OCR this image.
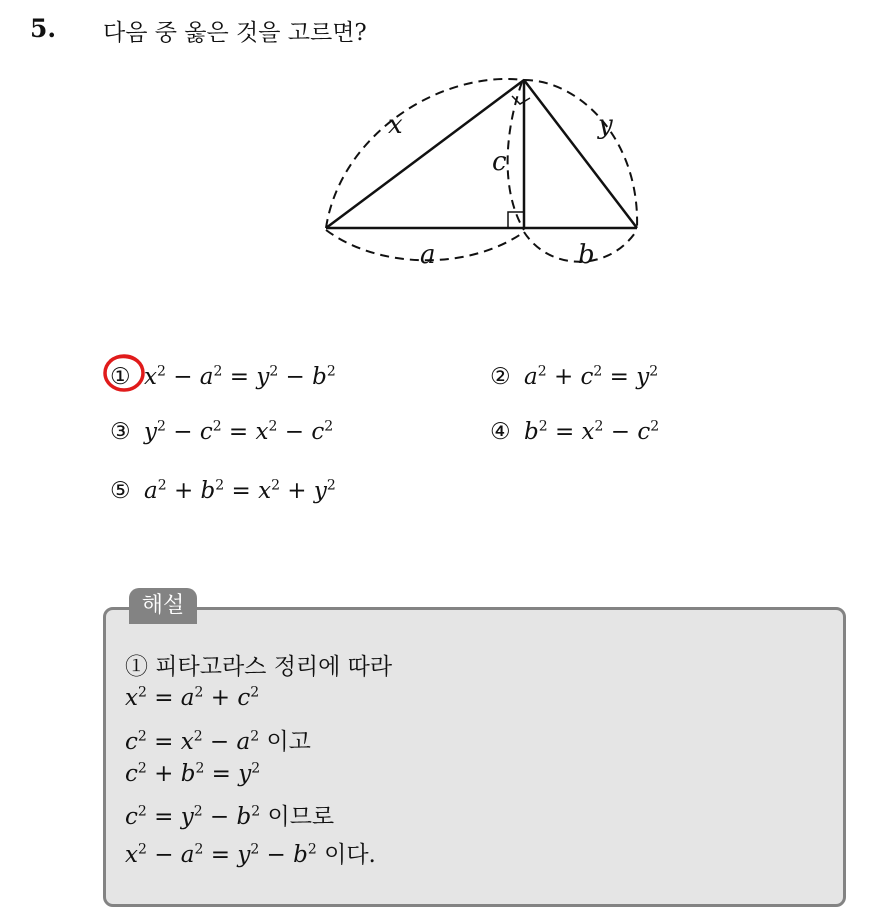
5. 다음 중 옳은 것을 고르면?
x	y
c
a	b
① $x^2 - a^2 = y^2 - b^2$	② $a^2 + c^2 = y^2$
③ $y^2 - c^2 = x^2 - c^2$	④ $b^2 = x^2 - c^2$
⑤ $a^2 + b^2 = x^2 + y^2$
해설
① 피타고라스 정리에 따라
$x^2 = a^2 + c^2$
$c^2 = x^2 - a^2$ 이고
$c^2 + b^2 = y^2$
$c^2 = y^2 - b^2$ 이므로
$x^2 - a^2 = y^2 - b^2$ 이다.
